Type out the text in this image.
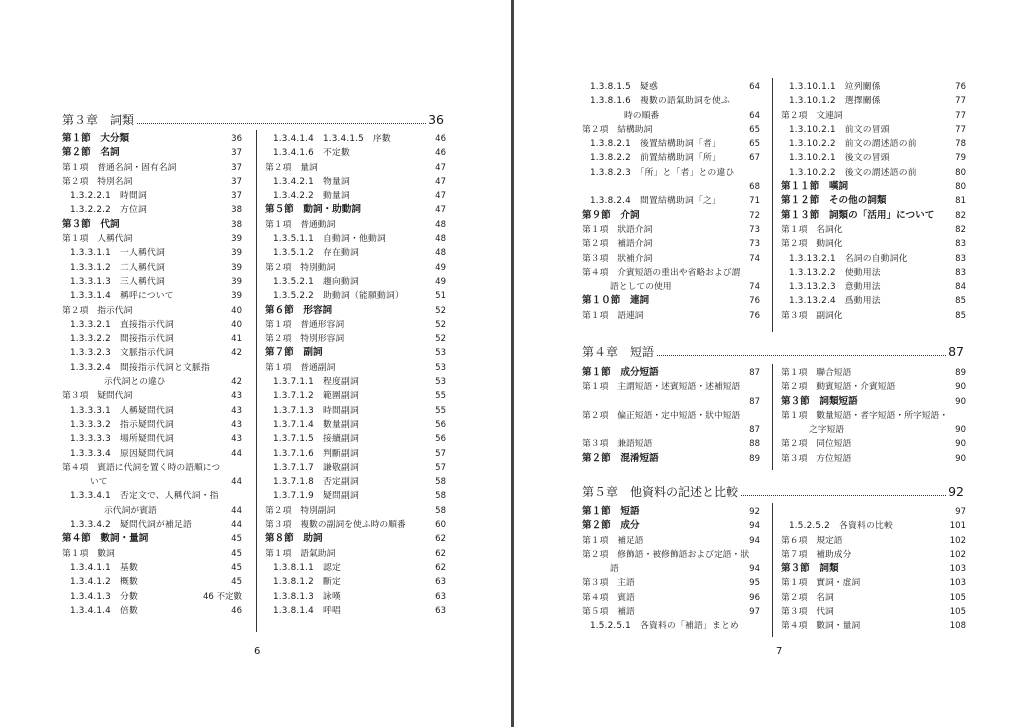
第３章　詞類	36
第１節　大分類	36
第２節　名詞	37
第１項　普通名詞・固有名詞	37
第２項　特別名詞	37
1.3.2.2.1　時間詞	37
1.3.2.2.2　方位詞	38
第３節　代詞	38
第１項　人稱代詞	39
1.3.3.1.1　一人稱代詞	39
1.3.3.1.2　二人稱代詞	39
1.3.3.1.3　三人稱代詞	39
1.3.3.1.4　稱呼について	39
第２項　指示代詞	40
1.3.3.2.1　直接指示代詞	40
1.3.3.2.2　間接指示代詞	41
1.3.3.2.3　文脈指示代詞	42
1.3.3.2.4　間接指示代詞と文脈指
示代詞との違ひ	42
第３項　疑問代詞	43
1.3.3.3.1　人稱疑問代詞	43
1.3.3.3.2　指示疑問代詞	43
1.3.3.3.3　場所疑問代詞	43
1.3.3.3.4　原因疑問代詞	44
第４項　賓語に代詞を置く時の語順につ
いて	44
1.3.3.4.1　否定文で、人稱代詞・指
示代詞が賓語	44
1.3.3.4.2　疑問代詞が補足語	44
第４節　數詞・量詞	45
第１項　數詞	45
1.3.4.1.1　基數	45
1.3.4.1.2　概數	45
1.3.4.1.3　分數	46 不定數
1.3.4.1.4　倍數	46
1.3.4.1.4　1.3.4.1.5　序數	46
1.3.4.1.6　不定數	46
第２項　量詞	47
1.3.4.2.1　物量詞	47
1.3.4.2.2　動量詞	47
第５節　動詞・助動詞	47
第１項　普通動詞	48
1.3.5.1.1　自動詞・他動詞	48
1.3.5.1.2　存在動詞	48
第２項　特別動詞	49
1.3.5.2.1　趨向動詞	49
1.3.5.2.2　助動詞（能願動詞）	51
第６節　形容詞	52
第１項　普通形容詞	52
第２項　特別形容詞	52
第７節　副詞	53
第１項　普通副詞	53
1.3.7.1.1　程度副詞	53
1.3.7.1.2　範圍副詞	55
1.3.7.1.3　時間副詞	55
1.3.7.1.4　數量副詞	56
1.3.7.1.5　接續副詞	56
1.3.7.1.6　判斷副詞	57
1.3.7.1.7　謙敬副詞	57
1.3.7.1.8　否定副詞	58
1.3.7.1.9　疑問副詞	58
第２項　特別副詞	58
第３項　複數の副詞を使ふ時の順番	60
第８節　助詞	62
第１項　語氣助詞	62
1.3.8.1.1　認定	62
1.3.8.1.2　斷定	63
1.3.8.1.3　詠嘆	63
1.3.8.1.4　呼唱	63
6
1.3.8.1.5　疑惑	64
1.3.8.1.6　複數の語氣助詞を使ふ
時の順番	64
第２項　結構助詞	65
1.3.8.2.1　後置結構助詞「者」	65
1.3.8.2.2　前置結構助詞「所」	67
1.3.8.2.3　「所」と「者」との違ひ
68
1.3.8.2.4　間置結構助詞「之」	71
第９節　介詞	72
第１項　狀語介詞	73
第２項　補語介詞	73
第３項　狀補介詞	74
第４項　介賓短語の重出や省略および謂
語としての使用	74
第１０節　連詞	76
第１項　語連詞	76
1.3.10.1.1　竝列關係	76
1.3.10.1.2　選擇關係	77
第２項　文連詞	77
1.3.10.2.1　前文の冒頭	77
1.3.10.2.2　前文の謂述語の前	78
1.3.10.2.1　後文の冒頭	79
1.3.10.2.2　後文の謂述語の前	80
第１１節　嘆詞	80
第１２節　その他の詞類	81
第１３節　詞類の「活用」について 82
第１項　名詞化	82
第２項　動詞化	83
1.3.13.2.1　名詞の自動詞化	83
1.3.13.2.2　使動用法	83
1.3.13.2.3　意動用法	84
1.3.13.2.4　爲動用法	85
第３項　副詞化	85
第４章　短語	87
第１節　成分短語	87
第１項　主謂短語・述賓短語・述補短語
87
第２項　偏正短語・定中短語・狀中短語
87
第３項　兼語短語	88
第２節　混淆短語	89
第１項　聯合短語	89
第２項　動賓短語・介賓短語	90
第３節　詞類短語	90
第１項　數量短語・者字短語・所字短語・
之字短語	90
第２項　同位短語	90
第３項　方位短語	90
第５章　他資料の記述と比較	92
第１節　短語	92
第２節　成分	94
第１項　補足語	94
第２項　修飾語・被修飾語および定語・狀
語	94
第３項　主語	95
第４項　賓語	96
第５項　補語	97
1.5.2.5.1　各資料の「補語」まとめ
97
1.5.2.5.2　各資料の比較	101
第６項　規定語	102
第７項　補助成分	102
第３節　詞類	103
第１項　實詞・虚詞	103
第２項　名詞	105
第３項　代詞	105
第４項　數詞・量詞	108
7
